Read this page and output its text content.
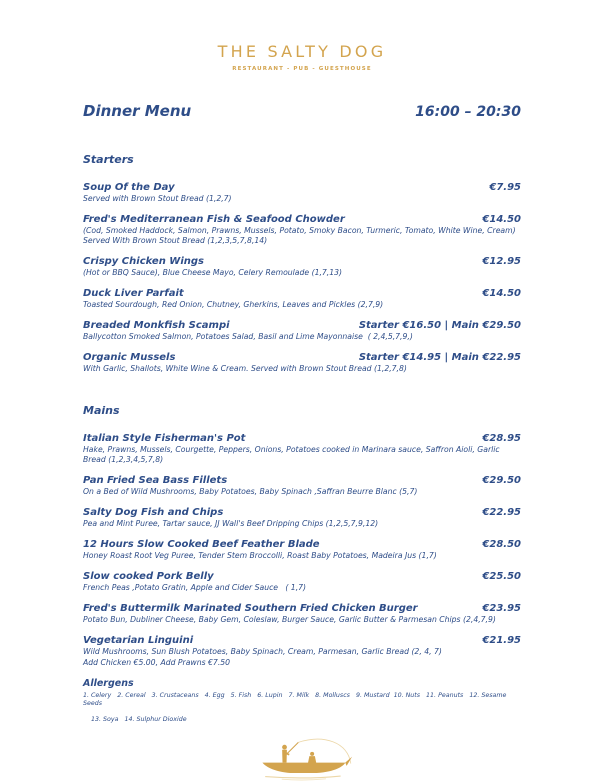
THE SALTY DOG
RESTAURANT - PUB - GUESTHOUSE
Dinner Menu	16:00 – 20:30
Starters
Soup Of the Day	€7.95
Served with Brown Stout Bread (1,2,7)
Fred's Mediterranean Fish & Seafood Chowder	€14.50
(Cod, Smoked Haddock, Salmon, Prawns, Mussels, Potato, Smoky Bacon, Turmeric, Tomato, White Wine, Cream) Served With Brown Stout Bread (1,2,3,5,7,8,14)
Crispy Chicken Wings	€12.95
(Hot or BBQ Sauce), Blue Cheese Mayo, Celery Remoulade (1,7,13)
Duck Liver Parfait	€14.50
Toasted Sourdough, Red Onion, Chutney, Gherkins, Leaves and Pickles (2,7,9)
Breaded Monkfish Scampi	Starter €16.50 | Main €29.50
Ballycotton Smoked Salmon, Potatoes Salad, Basil and Lime Mayonnaise  ( 2,4,5,7,9,)
Organic Mussels	Starter €14.95 | Main €22.95
With Garlic, Shallots, White Wine & Cream. Served with Brown Stout Bread (1,2,7,8)
Mains
Italian Style Fisherman's Pot	€28.95
Hake, Prawns, Mussels, Courgette, Peppers, Onions, Potatoes cooked in Marinara sauce, Saffron Aioli, Garlic Bread (1,2,3,4,5,7,8)
Pan Fried Sea Bass Fillets	€29.50
On a Bed of Wild Mushrooms, Baby Potatoes, Baby Spinach ,Saffran Beurre Blanc (5,7)
Salty Dog Fish and Chips	€22.95
Pea and Mint Puree, Tartar sauce, JJ Wall's Beef Dripping Chips (1,2,5,7,9,12)
12 Hours Slow Cooked Beef Feather Blade	€28.50
Honey Roast Root Veg Puree, Tender Stem Broccolli, Roast Baby Potatoes, Madeira Jus (1,7)
Slow cooked Pork Belly	€25.50
French Peas ,Potato Gratin, Apple and Cider Sauce   ( 1,7)
Fred's Buttermilk Marinated Southern Fried Chicken Burger	€23.95
Potato Bun, Dubliner Cheese, Baby Gem, Coleslaw, Burger Sauce, Garlic Butter & Parmesan Chips (2,4,7,9)
Vegetarian Linguini	€21.95
Wild Mushrooms, Sun Blush Potatoes, Baby Spinach, Cream, Parmesan, Garlic Bread (2, 4, 7)
Add Chicken €5.00, Add Prawns €7.50
Allergens
1. Celery   2. Cereal   3. Crustaceans   4. Egg   5. Fish   6. Lupin   7. Milk   8. Molluscs   9. Mustard  10. Nuts   11. Peanuts   12. Sesame Seeds

13. Soya   14. Sulphur Dioxide
